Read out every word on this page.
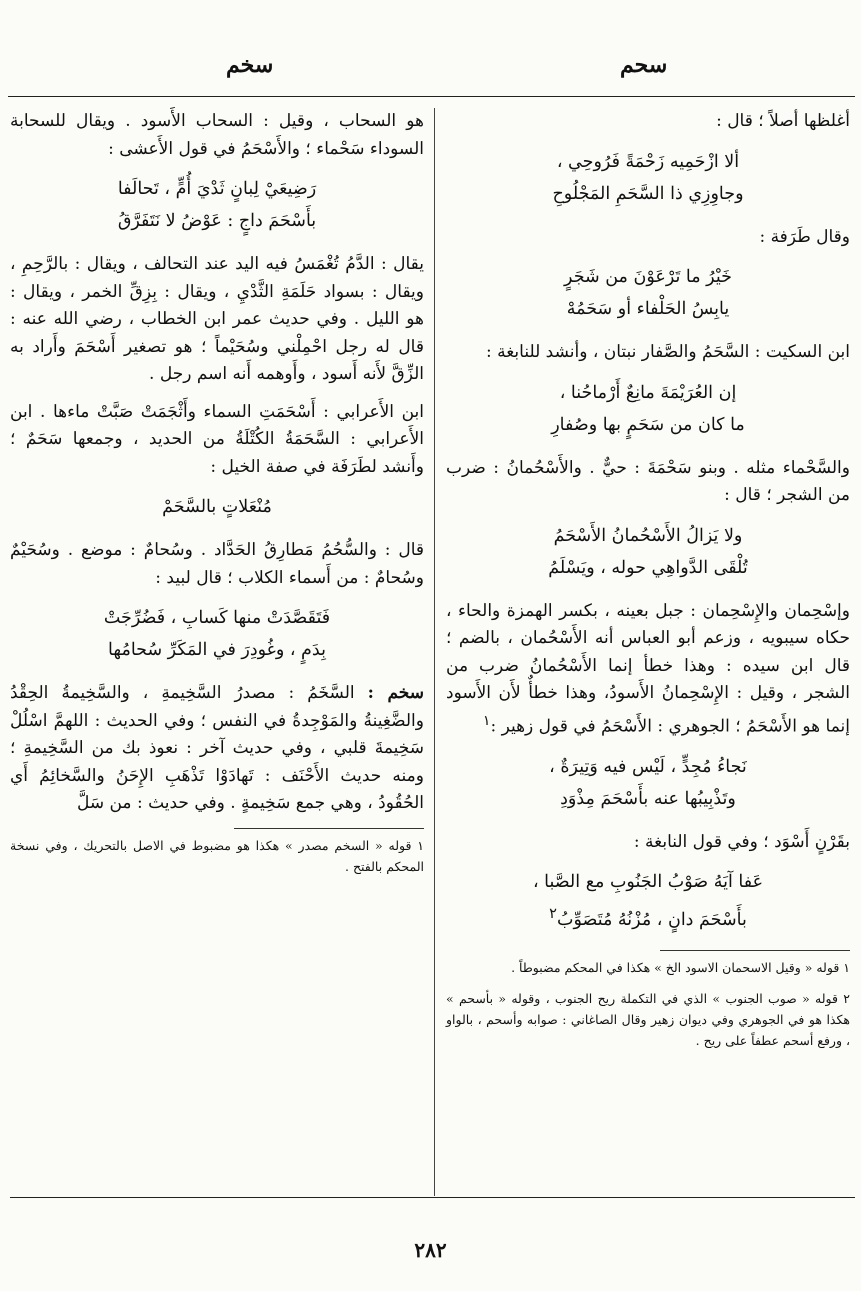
سحم
سخم

أغلظها أصلاً ؛ قال :

ألا ازْحَمِيه زَحْمَةً فَرُوحِي ،
وجاوِزِي ذا السَّحَمِ المَجْلُوحِ

وقال طَرَفة :

خَيْرُ ما تَرْعَوْنَ من شَجَرٍ
يابِسُ الحَلْفاء أو سَحَمُهْ

ابن السكيت : السَّحَمُ والصَّفار نبتان ، وأنشد للنابغة :

إن العُرَيْمَةَ مانِعٌ أَرْماحُنا ،
ما كان من سَحَمٍ بها وصُفارِ

والسَّحْماء مثله . وبنو سَحْمَةَ : حيٌّ . والأَسْحُمانُ : ضرب من الشجر ؛ قال :

ولا يَزالُ الأَسْحُمانُ الأَسْحَمُ
تُلْقَى الدَّواهِي حوله ، ويَسْلَمُ

وإسْحِمان والإِسْحِمان : جبل بعينه ، بكسر الهمزة والحاء ، حكاه سيبويه ، وزعم أبو العباس أنه الأَسْحُمان ، بالضم ؛ قال ابن سيده : وهذا خطأ إنما الأَسْحُمانُ ضرب من الشجر ، وقيل : الإِسْحِمانُ الأَسودُ، وهذا خطأٌ لأَن الأَسود إنما هو الأَسْحَمُ ؛ الجوهري : الأَسْحَمُ في قول زهير :$^١$

نَجاءُ مُجِدٍّ ، لَيْس فيه وَتِيرَةٌ ،
وتَذْبِيبُها عنه بأَسْحَمَ مِذْوَدِ

بقَرْنٍ أَسْوَد ؛ وفي قول النابغة :

عَفا آيَهُ صَوْبُ الجَنُوبِ مع الصَّبا ،
بأَسْحَمَ دانٍ ، مُزْنُهُ مُتَصَوِّبُ$^٢$

١ قوله « وقيل الاسحمان الاسود الخ » هكذا في المحكم مضبوطاً .

٢ قوله « صوب الجنوب » الذي في التكملة ريح الجنوب ، وقوله « بأسحم » هكذا هو في الجوهري وفي ديوان زهير وقال الصاغاني : صوابه وأسحم ، بالواو ، ورفع أسحم عطفاً على ريح .

هو السحاب ، وقيل : السحاب الأَسود . ويقال للسحابة السوداء سَحْماء ؛ والأَسْحَمُ في قول الأَعشى :

رَضِيعَيْ لِبانٍ ثَدْيَ أُمٍّ ، تَحالَفا
بأَسْحَمَ داجٍ : عَوْضُ لا نَتَفَرَّقُ

يقال : الدَّمُ تُغْمَسُ فيه اليد عند التحالف ، ويقال : بالرَّحِمِ ، ويقال : بسواد حَلَمَةِ الثَّدْيِ ، ويقال : بِزِقِّ الخمر ، ويقال : هو الليل . وفي حديث عمر ابن الخطاب ، رضي الله عنه : قال له رجل احْمِلْني وسُحَيْماً ؛ هو تصغير أَسْحَمَ وأَراد به الزِّقَّ لأَنه أَسود ، وأَوهمه أَنه اسم رجل .

ابن الأَعرابي : أَسْحَمَتِ السماء وأَثْجَمَتْ صَبَّتْ ماءها . ابن الأَعرابي : السَّحَمَةُ الكُتْلَةُ من الحديد ، وجمعها سَحَمٌ ؛ وأَنشد لطَرَفَة في صفة الخيل :

مُنْعَلاتٍ بالسَّحَمْ

قال : والسُّحُمُ مَطارِقُ الحَدَّاد . وسُحامٌ : موضع . وسُحَيْمٌ وسُحامٌ : من أَسماء الكلاب ؛ قال لبيد :

فَتَقَصَّدَتْ منها كَسابِ ، فَضُرِّجَتْ
بِدَمٍ ، وغُودِرَ في المَكَرِّ سُحامُها

سخم : السَّخَمُ : مصدرُ السَّخِيمةِ ، والسَّخِيمةُ الحِقْدُ والضَّغِينةُ والمَوْجِدةُ في النفس ؛ وفي الحديث : اللهمَّ اسْلُلْ سَخِيمةَ قلبي ، وفي حديث آخر : نعوذ بك من السَّخِيمةِ ؛ ومنه حديث الأَحْنَف : تَهادَوْا تَذْهَبِ الإِحَنُ والسَّخائِمُ أَي الحُقُودُ ، وهي جمع سَخِيمةٍ . وفي حديث : من سَلَّ

١ قوله « السخم مصدر » هكذا هو مضبوط في الاصل بالتحريك ، وفي نسخة المحكم بالفتح .

٢٨٢
